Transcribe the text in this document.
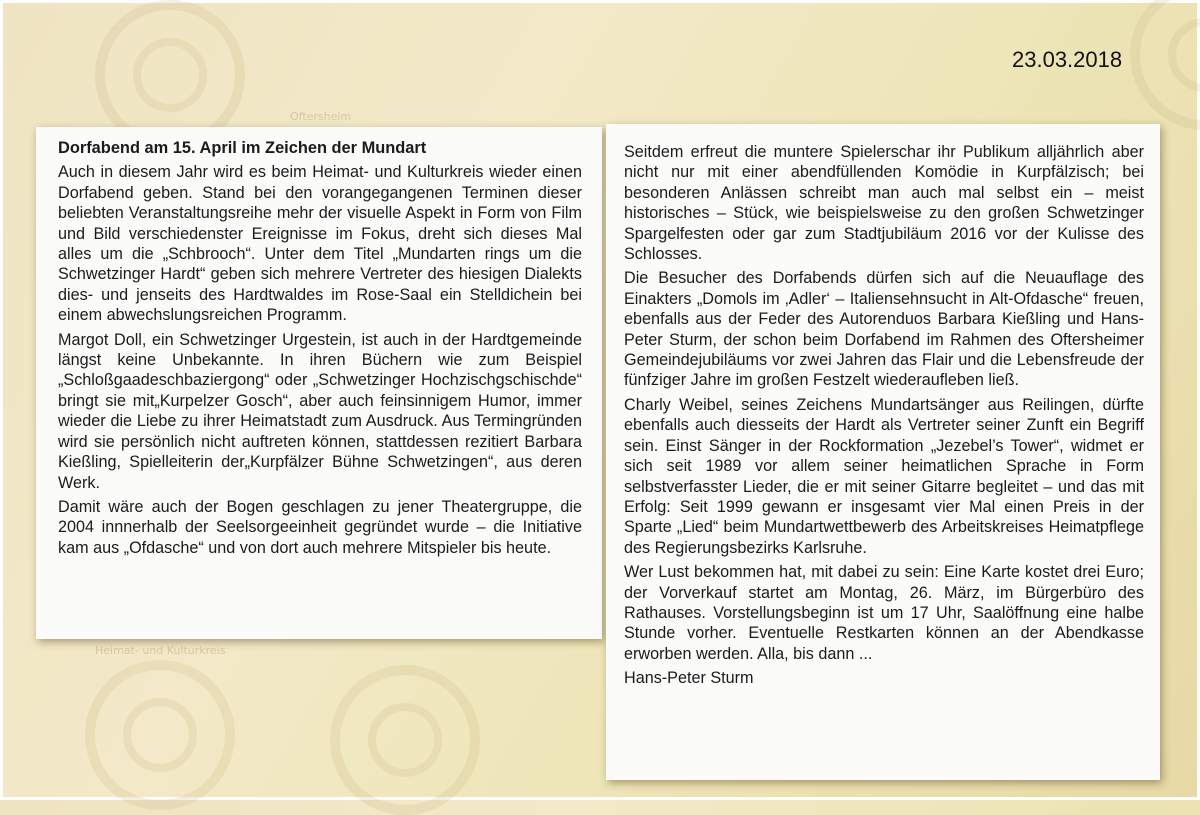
Oftersheim
Heimat- und Kulturkreis
23.03.2018

Dorfabend am 15. April im Zeichen der Mundart

Auch in diesem Jahr wird es beim Heimat- und Kulturkreis wieder einen Dorfabend geben. Stand bei den vorangegangenen Terminen dieser beliebten Veranstaltungsreihe mehr der visuelle Aspekt in Form von Film und Bild verschiedenster Ereignisse im Fokus, dreht sich dieses Mal alles um die „Schbrooch“. Unter dem Titel „Mundarten rings um die Schwetzinger Hardt“ geben sich mehrere Vertreter des hiesigen Dialekts dies- und jenseits des Hardtwaldes im Rose-Saal ein Stelldichein bei einem abwechslungsreichen Programm.

Margot Doll, ein Schwetzinger Urgestein, ist auch in der Hardtgemeinde längst keine Unbekannte. In ihren Büchern wie zum Beispiel „Schloßgaadeschbaziergong“ oder „Schwetzinger Hochzischgschischde“ bringt sie mit„Kurpelzer Gosch“, aber auch feinsinnigem Humor, immer wieder die Liebe zu ihrer Heimatstadt zum Ausdruck. Aus Termingründen wird sie persönlich nicht auftreten können, stattdessen rezitiert Barbara Kießling, Spielleiterin der„Kurpfälzer Bühne Schwetzingen“, aus deren Werk.

Damit wäre auch der Bogen geschlagen zu jener Theatergruppe, die 2004 innnerhalb der Seelsorgeeinheit gegründet wurde – die Initiative kam aus „Ofdasche“ und von dort auch mehrere Mitspieler bis heute.

Seitdem erfreut die muntere Spielerschar ihr Publikum alljährlich aber nicht nur mit einer abendfüllenden Komödie in Kurpfälzisch; bei besonderen Anlässen schreibt man auch mal selbst ein – meist historisches – Stück, wie beispielsweise zu den großen Schwetzinger Spargelfesten oder gar zum Stadtjubiläum 2016 vor der Kulisse des Schlosses.

Die Besucher des Dorfabends dürfen sich auf die Neuauflage des Einakters „Domols im ‚Adler‘ – Italiensehnsucht in Alt-Ofdasche“ freuen, ebenfalls aus der Feder des Autorenduos Barbara Kießling und Hans-Peter Sturm, der schon beim Dorfabend im Rahmen des Oftersheimer Gemeindejubiläums vor zwei Jahren das Flair und die Lebensfreude der fünfziger Jahre im großen Festzelt wiederaufleben ließ.

Charly Weibel, seines Zeichens Mundartsänger aus Reilingen, dürfte ebenfalls auch diesseits der Hardt als Vertreter seiner Zunft ein Begriff sein. Einst Sänger in der Rockformation „Jezebel’s Tower“, widmet er sich seit 1989 vor allem seiner heimatlichen Sprache in Form selbstverfasster Lieder, die er mit seiner Gitarre begleitet – und das mit Erfolg: Seit 1999 gewann er insgesamt vier Mal einen Preis in der Sparte „Lied“ beim Mundartwettbewerb des Arbeitskreises Heimatpflege des Regierungsbezirks Karlsruhe.

Wer Lust bekommen hat, mit dabei zu sein: Eine Karte kostet drei Euro; der Vorverkauf startet am Montag, 26. März, im Bürgerbüro des Rathauses. Vorstellungsbeginn ist um 17 Uhr, Saalöffnung eine halbe Stunde vorher. Eventuelle Restkarten können an der Abendkasse erworben werden. Alla, bis dann ...

Hans-Peter Sturm
